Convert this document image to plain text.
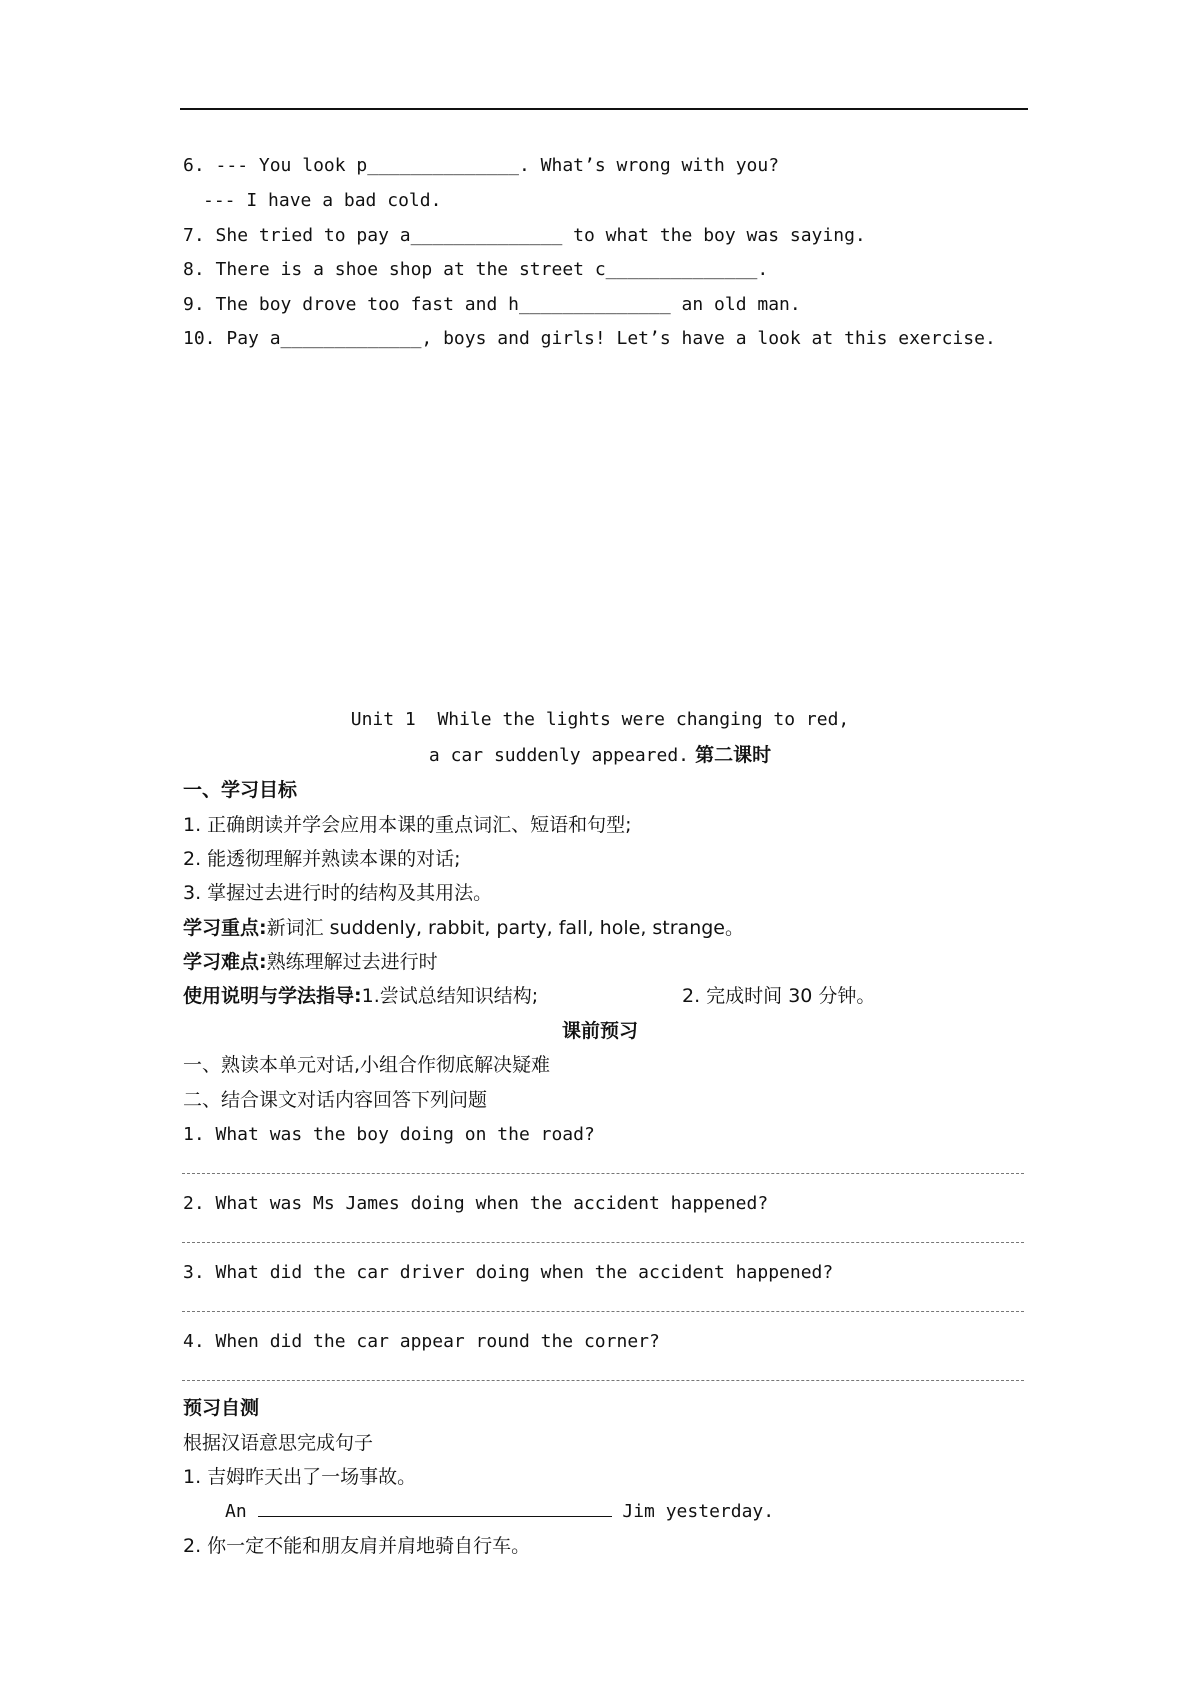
6. --- You look p______________. What’s wrong with you?
--- I have a bad cold.
7. She tried to pay a______________ to what the boy was saying.
8. There is a shoe shop at the street c______________.
9. The boy drove too fast and h______________ an old man.
10. Pay a_____________, boys and girls! Let’s have a look at this exercise.
Unit 1  While the lights were changing to red,
a car suddenly appeared. 第二课时
一、学习目标
1. 正确朗读并学会应用本课的重点词汇、短语和句型;
2. 能透彻理解并熟读本课的对话;
3. 掌握过去进行时的结构及其用法。
学习重点:新词汇 suddenly, rabbit, party, fall, hole, strange。
学习难点:熟练理解过去进行时
使用说明与学法指导:1.尝试总结知识结构;	2. 完成时间 30 分钟。
课前预习
一、熟读本单元对话,小组合作彻底解决疑难
二、结合课文对话内容回答下列问题
1. What was the boy doing on the road?
2. What was Ms James doing when the accident happened?
3. What did the car driver doing when the accident happened?
4. When did the car appear round the corner?
预习自测
根据汉语意思完成句子
1. 吉姆昨天出了一场事故。
An	Jim yesterday.
2. 你一定不能和朋友肩并肩地骑自行车。
